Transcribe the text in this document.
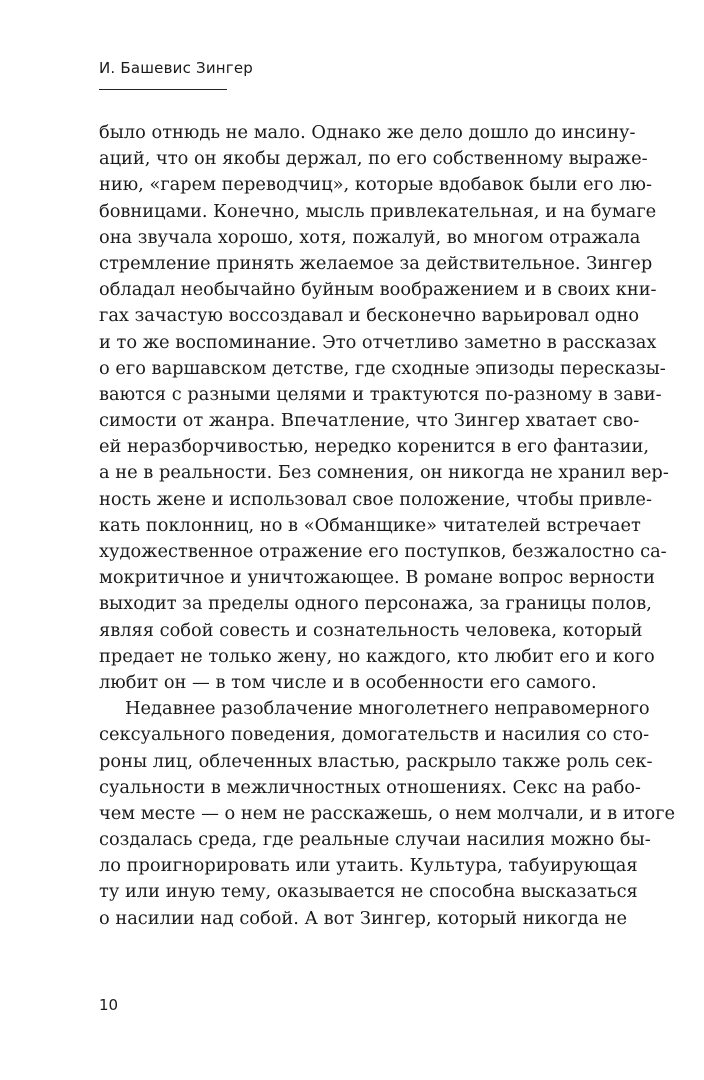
И. Башевис Зингер
было отнюдь не мало. Однако же дело дошло до инсину-
аций, что он якобы держал, по его собственному выраже-
нию, «гарем переводчиц», которые вдобавок были его лю-
бовницами. Конечно, мысль привлекательная, и на бумаге
она звучала хорошо, хотя, пожалуй, во многом отражала
стремление принять желаемое за действительное. Зингер
обладал необычайно буйным воображением и в своих кни-
гах зачастую воссоздавал и бесконечно варьировал одно
и то же воспоминание. Это отчетливо заметно в рассказах
о его варшавском детстве, где сходные эпизоды пересказы-
ваются с разными целями и трактуются по-разному в зави-
симости от жанра. Впечатление, что Зингер хватает сво-
ей неразборчивостью, нередко коренится в его фантазии,
а не в реальности. Без сомнения, он никогда не хранил вер-
ность жене и использовал свое положение, чтобы привле-
кать поклонниц, но в «Обманщике» читателей встречает
художественное отражение его поступков, безжалостно са-
мокритичное и уничтожающее. В романе вопрос верности
выходит за пределы одного персонажа, за границы полов,
являя собой совесть и сознательность человека, который
предает не только жену, но каждого, кто любит его и кого
любит он — в том числе и в особенности его самого.
Недавнее разоблачение многолетнего неправомерного
сексуального поведения, домогательств и насилия со сто-
роны лиц, облеченных властью, раскрыло также роль сек-
суальности в межличностных отношениях. Секс на рабо-
чем месте — о нем не расскажешь, о нем молчали, и в итоге
создалась среда, где реальные случаи насилия можно бы-
ло проигнорировать или утаить. Культура, табуирующая
ту или иную тему, оказывается не способна высказаться
о насилии над собой. А вот Зингер, который никогда не
10
